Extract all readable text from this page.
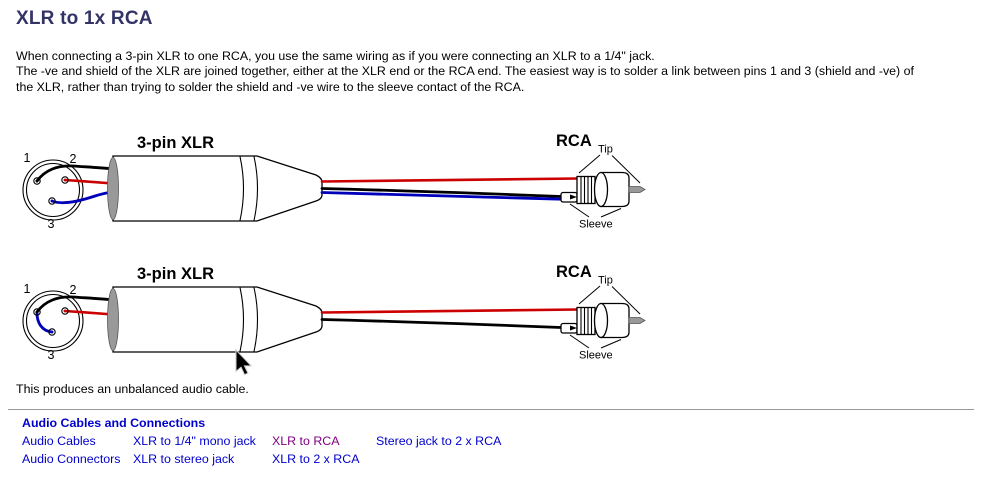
XLR to 1x RCA
When connecting a 3-pin XLR to one RCA, you use the same wiring as if you were connecting an XLR to a 1/4" jack.
The -ve and shield of the XLR are joined together, either at the XLR end or the RCA end. The easiest way is to solder a link between pins 1 and 3 (shield and -ve) of
the XLR, rather than trying to solder the shield and -ve wire to the sleeve contact of the RCA.
1	2
3
3-pin XLR	RCA Tip
Sleeve
1	2
3
3-pin XLR	RCA Tip
Sleeve
This produces an unbalanced audio cable.
Audio Cables and Connections
Audio Cables	XLR to 1/4" mono jack	XLR to RCA	Stereo jack to 2 x RCA
Audio Connectors	XLR to stereo jack	XLR to 2 x RCA
